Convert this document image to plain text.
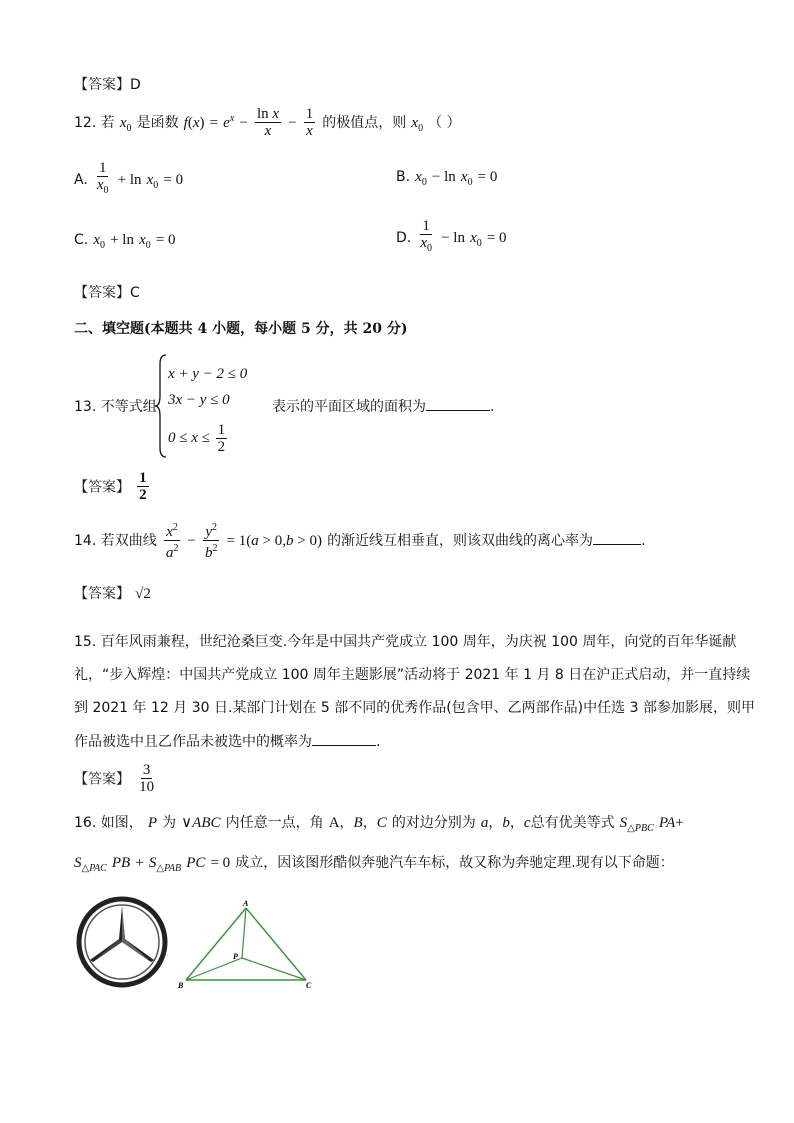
【答案】D
12. 若 $x_0$ 是函数 $f(x) = e^x - \frac{\text{ln x}}{x} - \frac{1}{x}$ 的极值点，则 $x_0$ （ ）
A. $\frac{1}{x_0} + \ln x_0 = 0$	B. $x_0 - \ln x_0 = 0$
C. $x_0 + \ln x_0 = 0$	D. $\frac{1}{x_0} - \ln x_0 = 0$
【答案】C
二、填空题(本题共 4 小题，每小题 5 分，共 20 分)
13. 不等式组
x + y − 2 ≤ 0
3x − y ≤ 0
$0 \le x \le \frac{1}{2}$
表示的平面区域的面积为	.
【答案】 $\frac{1}{2}$
14. 若双曲线 $\frac{x^2}{a^2} - \frac{y^2}{b^2} = 1(a > 0,b > 0)$ 的渐近线互相垂直，则该双曲线的离心率为	.
【答案】 √2
15. 百年风雨兼程，世纪沧桑巨变.今年是中国共产党成立 100 周年，为庆祝 100 周年，向党的百年华诞献
礼，“步入辉煌：中国共产党成立 100 周年主题影展”活动将于 2021 年 1 月 8 日在沪正式启动，并一直持续
到 2021 年 12 月 30 日.某部门计划在 5 部不同的优秀作品(包含甲、乙两部作品)中任选 3 部参加影展，则甲
作品被选中且乙作品未被选中的概率为	.
【答案】 $\frac{3}{10}$
16. 如图， P 为 ∨ABC 内任意一点，角 A，B，C 的对边分别为 a，b，c总有优美等式 $S_{\triangle PBC}$ PA+
$S_{\triangle PAC}$ PB + $S_{\triangle PAB}$ PC = 0 成立，因该图形酷似奔驰汽车车标，故又称为奔驰定理.现有以下命题：
A
B	C
P
